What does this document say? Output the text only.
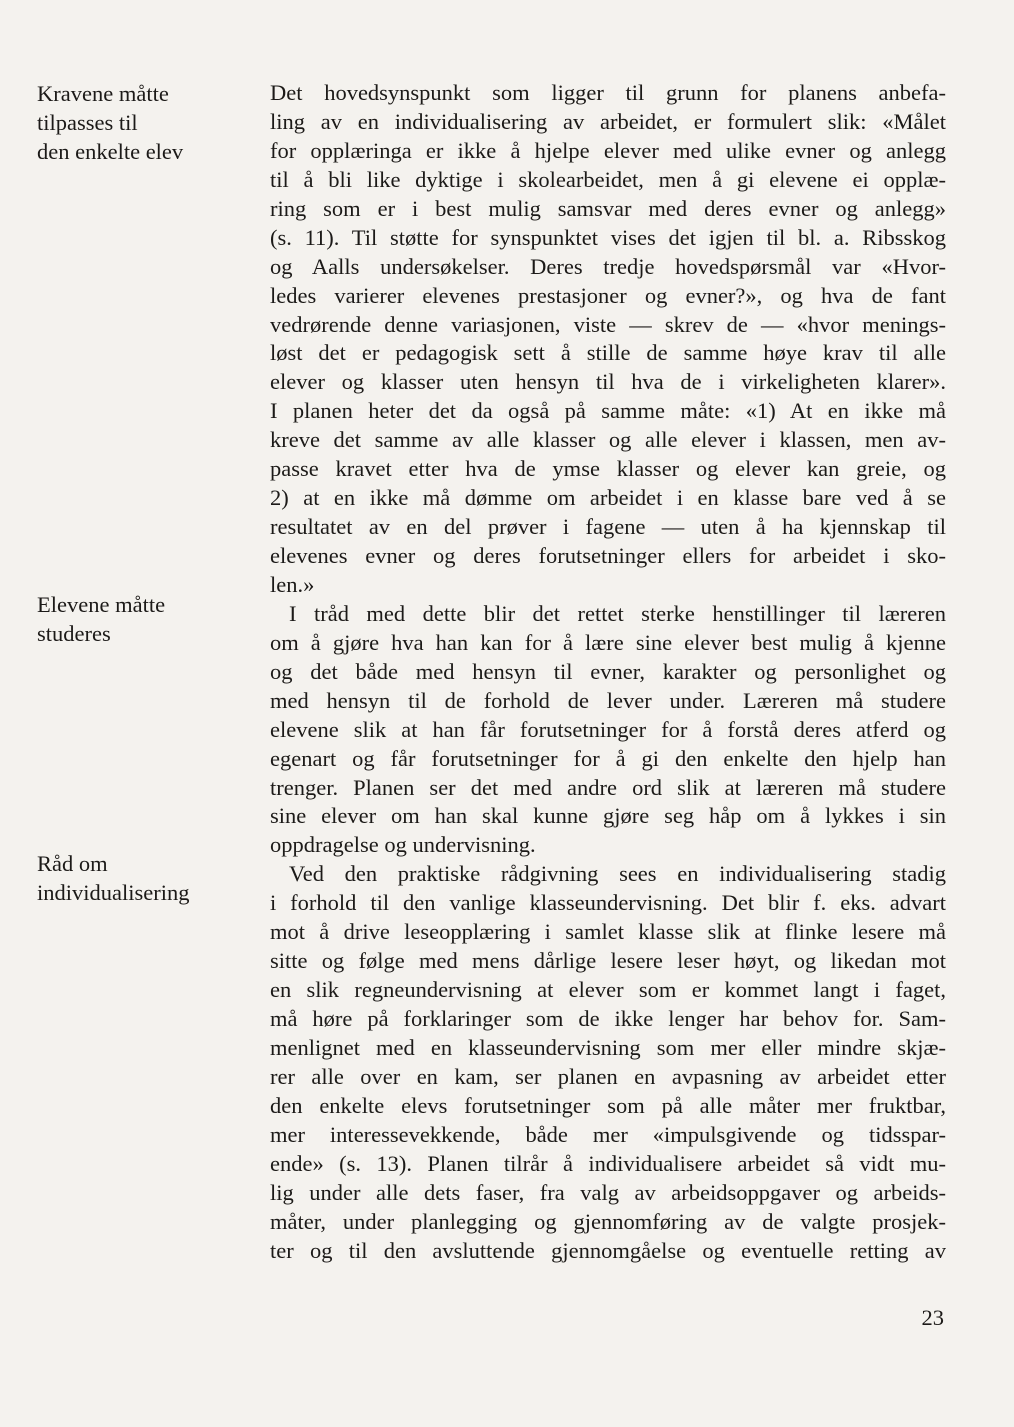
Kravene måtte
tilpasses til
den enkelte elev
Elevene måtte
studeres
Råd om
individualisering
Det hovedsynspunkt som ligger til grunn for planens anbefa-
ling av en individualisering av arbeidet, er formulert slik: «Målet
for opplæringa er ikke å hjelpe elever med ulike evner og anlegg
til å bli like dyktige i skolearbeidet, men å gi elevene ei opplæ-
ring som er i best mulig samsvar med deres evner og anlegg»
(s. 11). Til støtte for synspunktet vises det igjen til bl. a. Ribsskog
og Aalls undersøkelser. Deres tredje hovedspørsmål var «Hvor-
ledes varierer elevenes prestasjoner og evner?», og hva de fant
vedrørende denne variasjonen, viste — skrev de — «hvor menings-
løst det er pedagogisk sett å stille de samme høye krav til alle
elever og klasser uten hensyn til hva de i virkeligheten klarer».
I planen heter det da også på samme måte: «1) At en ikke må
kreve det samme av alle klasser og alle elever i klassen, men av-
passe kravet etter hva de ymse klasser og elever kan greie, og
2) at en ikke må dømme om arbeidet i en klasse bare ved å se
resultatet av en del prøver i fagene — uten å ha kjennskap til
elevenes evner og deres forutsetninger ellers for arbeidet i sko-
len.»
I tråd med dette blir det rettet sterke henstillinger til læreren
om å gjøre hva han kan for å lære sine elever best mulig å kjenne
og det både med hensyn til evner, karakter og personlighet og
med hensyn til de forhold de lever under. Læreren må studere
elevene slik at han får forutsetninger for å forstå deres atferd og
egenart og får forutsetninger for å gi den enkelte den hjelp han
trenger. Planen ser det med andre ord slik at læreren må studere
sine elever om han skal kunne gjøre seg håp om å lykkes i sin
oppdragelse og undervisning.
Ved den praktiske rådgivning sees en individualisering stadig
i forhold til den vanlige klasseundervisning. Det blir f. eks. advart
mot å drive leseopplæring i samlet klasse slik at flinke lesere må
sitte og følge med mens dårlige lesere leser høyt, og likedan mot
en slik regneundervisning at elever som er kommet langt i faget,
må høre på forklaringer som de ikke lenger har behov for. Sam-
menlignet med en klasseundervisning som mer eller mindre skjæ-
rer alle over en kam, ser planen en avpasning av arbeidet etter
den enkelte elevs forutsetninger som på alle måter mer fruktbar,
mer interessevekkende, både mer «impulsgivende og tidsspar-
ende» (s. 13). Planen tilrår å individualisere arbeidet så vidt mu-
lig under alle dets faser, fra valg av arbeidsoppgaver og arbeids-
måter, under planlegging og gjennomføring av de valgte prosjek-
ter og til den avsluttende gjennomgåelse og eventuelle retting av
23
